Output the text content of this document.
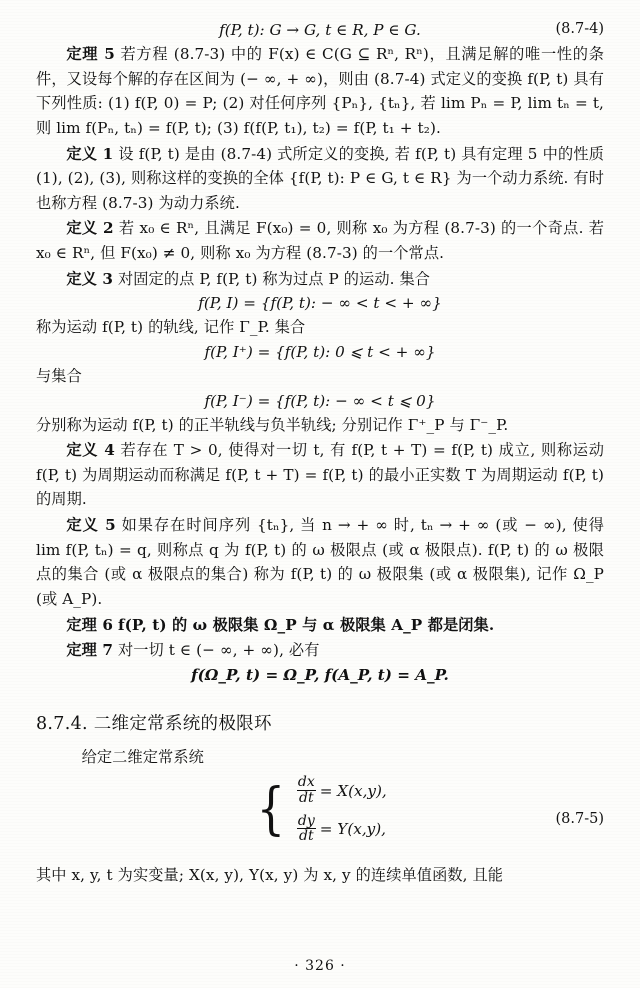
f(P, t): G → G, t ∈ R, P ∈ G.	(8.7-4)

定理 5 若方程 (8.7-3) 中的 F(x) ∈ C(G ⊆ Rⁿ, Rⁿ)，且满足解的唯一性的条件，又设每个解的存在区间为 (− ∞, + ∞)，则由 (8.7-4) 式定义的变换 f(P, t) 具有下列性质: (1) f(P, 0) = P; (2) 对任何序列 {Pₙ}, {tₙ}, 若 lim Pₙ = P, lim tₙ = t, 则 lim f(Pₙ, tₙ) = f(P, t); (3) f(f(P, t₁), t₂) = f(P, t₁ + t₂).

定义 1 设 f(P, t) 是由 (8.7-4) 式所定义的变换, 若 f(P, t) 具有定理 5 中的性质 (1), (2), (3), 则称这样的变换的全体 {f(P, t): P ∈ G, t ∈ R} 为一个动力系统. 有时也称方程 (8.7-3) 为动力系统.

定义 2 若 x₀ ∈ Rⁿ, 且满足 F(x₀) = 0, 则称 x₀ 为方程 (8.7-3) 的一个奇点. 若 x₀ ∈ Rⁿ, 但 F(x₀) ≠ 0, 则称 x₀ 为方程 (8.7-3) 的一个常点.

定义 3 对固定的点 P, f(P, t) 称为过点 P 的运动. 集合

f(P, I) = {f(P, t): − ∞ < t < + ∞}

称为运动 f(P, t) 的轨线, 记作 Γ_P. 集合

f(P, I⁺) = {f(P, t): 0 ⩽ t < + ∞}

与集合

f(P, I⁻) = {f(P, t): − ∞ < t ⩽ 0}

分别称为运动 f(P, t) 的正半轨线与负半轨线; 分别记作 Γ⁺_P 与 Γ⁻_P.

定义 4 若存在 T > 0, 使得对一切 t, 有 f(P, t + T) = f(P, t) 成立, 则称运动 f(P, t) 为周期运动而称满足 f(P, t + T) = f(P, t) 的最小正实数 T 为周期运动 f(P, t) 的周期.

定义 5 如果存在时间序列 {tₙ}, 当 n → + ∞ 时, tₙ → + ∞ (或 − ∞), 使得 lim f(P, tₙ) = q, 则称点 q 为 f(P, t) 的 ω 极限点 (或 α 极限点). f(P, t) 的 ω 极限点的集合 (或 α 极限点的集合) 称为 f(P, t) 的 ω 极限集 (或 α 极限集), 记作 Ω_P (或 A_P).

定理 6 f(P, t) 的 ω 极限集 Ω_P 与 α 极限集 A_P 都是闭集.

定理 7 对一切 t ∈ (− ∞, + ∞), 必有

f(Ω_P, t) = Ω_P, f(A_P, t) = A_P.
8.7.4. 二维定常系统的极限环

给定二维定常系统

{ $\frac{dx}{dt} = X(x,y)$,
$\frac{dy}{dt} = Y(x,y)$,
(8.7-5)

其中 x, y, t 为实变量; X(x, y), Y(x, y) 为 x, y 的连续单值函数, 且能

· 326 ·
